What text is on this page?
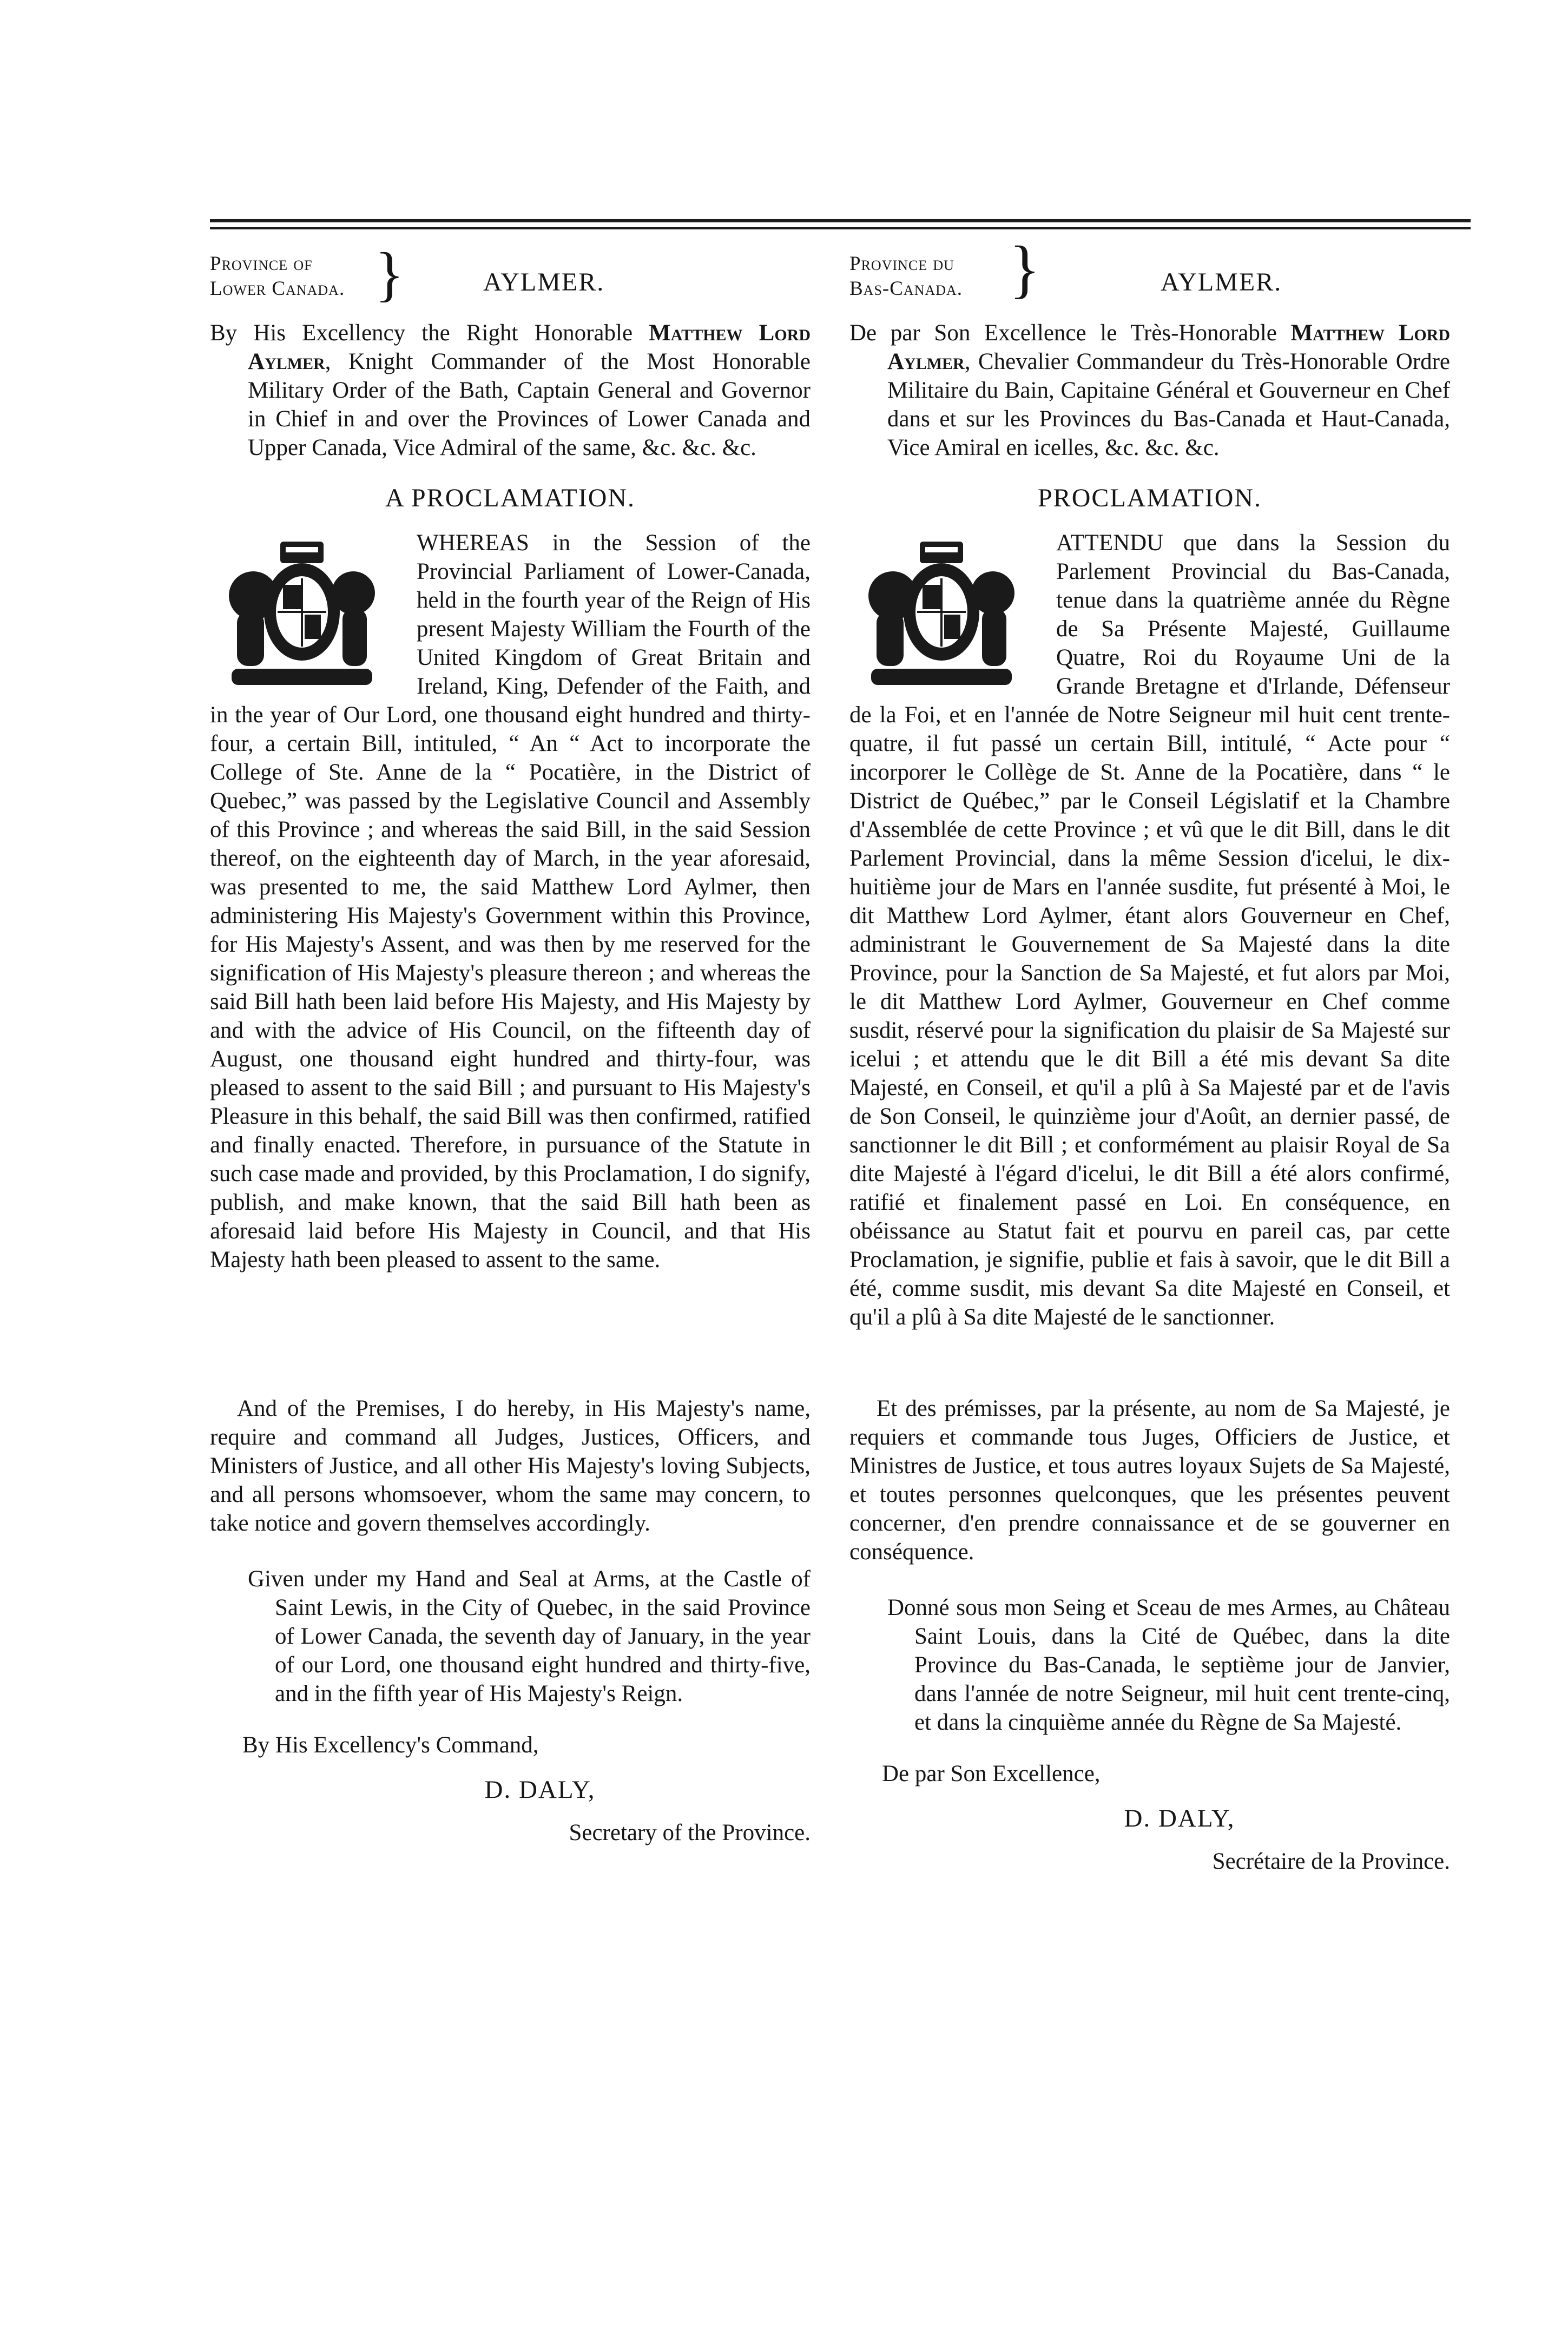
Province of
Lower Canada. }	AYLMER.

By His Excellency the Right Honorable Matthew Lord Aylmer, Knight Commander of the Most Honorable Military Order of the Bath, Captain General and Governor in Chief in and over the Provinces of Lower Canada and Upper Canada, Vice Admiral of the same, &c. &c. &c.

A PROCLAMATION.
WHEREAS in the Session of the Provincial Parliament of Lower-Canada, held in the fourth year of the Reign of His present Majesty William the Fourth of the United Kingdom of Great Britain and Ireland, King, Defender of the Faith, and in the year of Our Lord, one thousand eight hundred and thirty-four, a certain Bill, intituled, “ An “ Act to incorporate the College of Ste. Anne de la “ Pocatière, in the District of Quebec,” was passed by the Legislative Council and Assembly of this Province ; and whereas the said Bill, in the said Session thereof, on the eighteenth day of March, in the year aforesaid, was presented to me, the said Matthew Lord Aylmer, then administering His Majesty's Government within this Province, for His Majesty's Assent, and was then by me reserved for the signification of His Majesty's pleasure thereon ; and whereas the said Bill hath been laid before His Majesty, and His Majesty by and with the advice of His Council, on the fifteenth day of August, one thousand eight hundred and thirty-four, was pleased to assent to the said Bill ; and pursuant to His Majesty's Pleasure in this behalf, the said Bill was then confirmed, ratified and finally enacted. Therefore, in pursuance of the Statute in such case made and provided, by this Proclamation, I do signify, publish, and make known, that the said Bill hath been as aforesaid laid before His Majesty in Council, and that His Majesty hath been pleased to assent to the same.

And of the Premises, I do hereby, in His Majesty's name, require and command all Judges, Justices, Officers, and Ministers of Justice, and all other His Majesty's loving Subjects, and all persons whomsoever, whom the same may concern, to take notice and govern themselves accordingly.

Given under my Hand and Seal at Arms, at the Castle of Saint Lewis, in the City of Quebec, in the said Province of Lower Canada, the seventh day of January, in the year of our Lord, one thousand eight hundred and thirty-five, and in the fifth year of His Majesty's Reign.

By His Excellency's Command,

D. DALY,

Secretary of the Province.

Province du
Bas-Canada. }	AYLMER.

De par Son Excellence le Très-Honorable Matthew Lord Aylmer, Chevalier Commandeur du Très-Honorable Ordre Militaire du Bain, Capitaine Général et Gouverneur en Chef dans et sur les Provinces du Bas-Canada et Haut-Canada, Vice Amiral en icelles, &c. &c. &c.

PROCLAMATION.
ATTENDU que dans la Session du Parlement Provincial du Bas-Canada, tenue dans la quatrième année du Règne de Sa Présente Majesté, Guillaume Quatre, Roi du Royaume Uni de la Grande Bretagne et d'Irlande, Défenseur de la Foi, et en l'année de Notre Seigneur mil huit cent trente-quatre, il fut passé un certain Bill, intitulé, “ Acte pour “ incorporer le Collège de St. Anne de la Pocatière, dans “ le District de Québec,” par le Conseil Législatif et la Chambre d'Assemblée de cette Province ; et vû que le dit Bill, dans le dit Parlement Provincial, dans la même Session d'icelui, le dix-huitième jour de Mars en l'année susdite, fut présenté à Moi, le dit Matthew Lord Aylmer, étant alors Gouverneur en Chef, administrant le Gouvernement de Sa Majesté dans la dite Province, pour la Sanction de Sa Majesté, et fut alors par Moi, le dit Matthew Lord Aylmer, Gouverneur en Chef comme susdit, réservé pour la signification du plaisir de Sa Majesté sur icelui ; et attendu que le dit Bill a été mis devant Sa dite Majesté, en Conseil, et qu'il a plû à Sa Majesté par et de l'avis de Son Conseil, le quinzième jour d'Août, an dernier passé, de sanctionner le dit Bill ; et conformément au plaisir Royal de Sa dite Majesté à l'égard d'icelui, le dit Bill a été alors confirmé, ratifié et finalement passé en Loi. En conséquence, en obéissance au Statut fait et pourvu en pareil cas, par cette Proclamation, je signifie, publie et fais à savoir, que le dit Bill a été, comme susdit, mis devant Sa dite Majesté en Conseil, et qu'il a plû à Sa dite Majesté de le sanctionner.

Et des prémisses, par la présente, au nom de Sa Majesté, je requiers et commande tous Juges, Officiers de Justice, et Ministres de Justice, et tous autres loyaux Sujets de Sa Majesté, et toutes personnes quelconques, que les présentes peuvent concerner, d'en prendre connaissance et de se gouverner en conséquence.

Donné sous mon Seing et Sceau de mes Armes, au Château Saint Louis, dans la Cité de Québec, dans la dite Province du Bas-Canada, le septième jour de Janvier, dans l'année de notre Seigneur, mil huit cent trente-cinq, et dans la cinquième année du Règne de Sa Majesté.

De par Son Excellence,

D. DALY,

Secrétaire de la Province.
